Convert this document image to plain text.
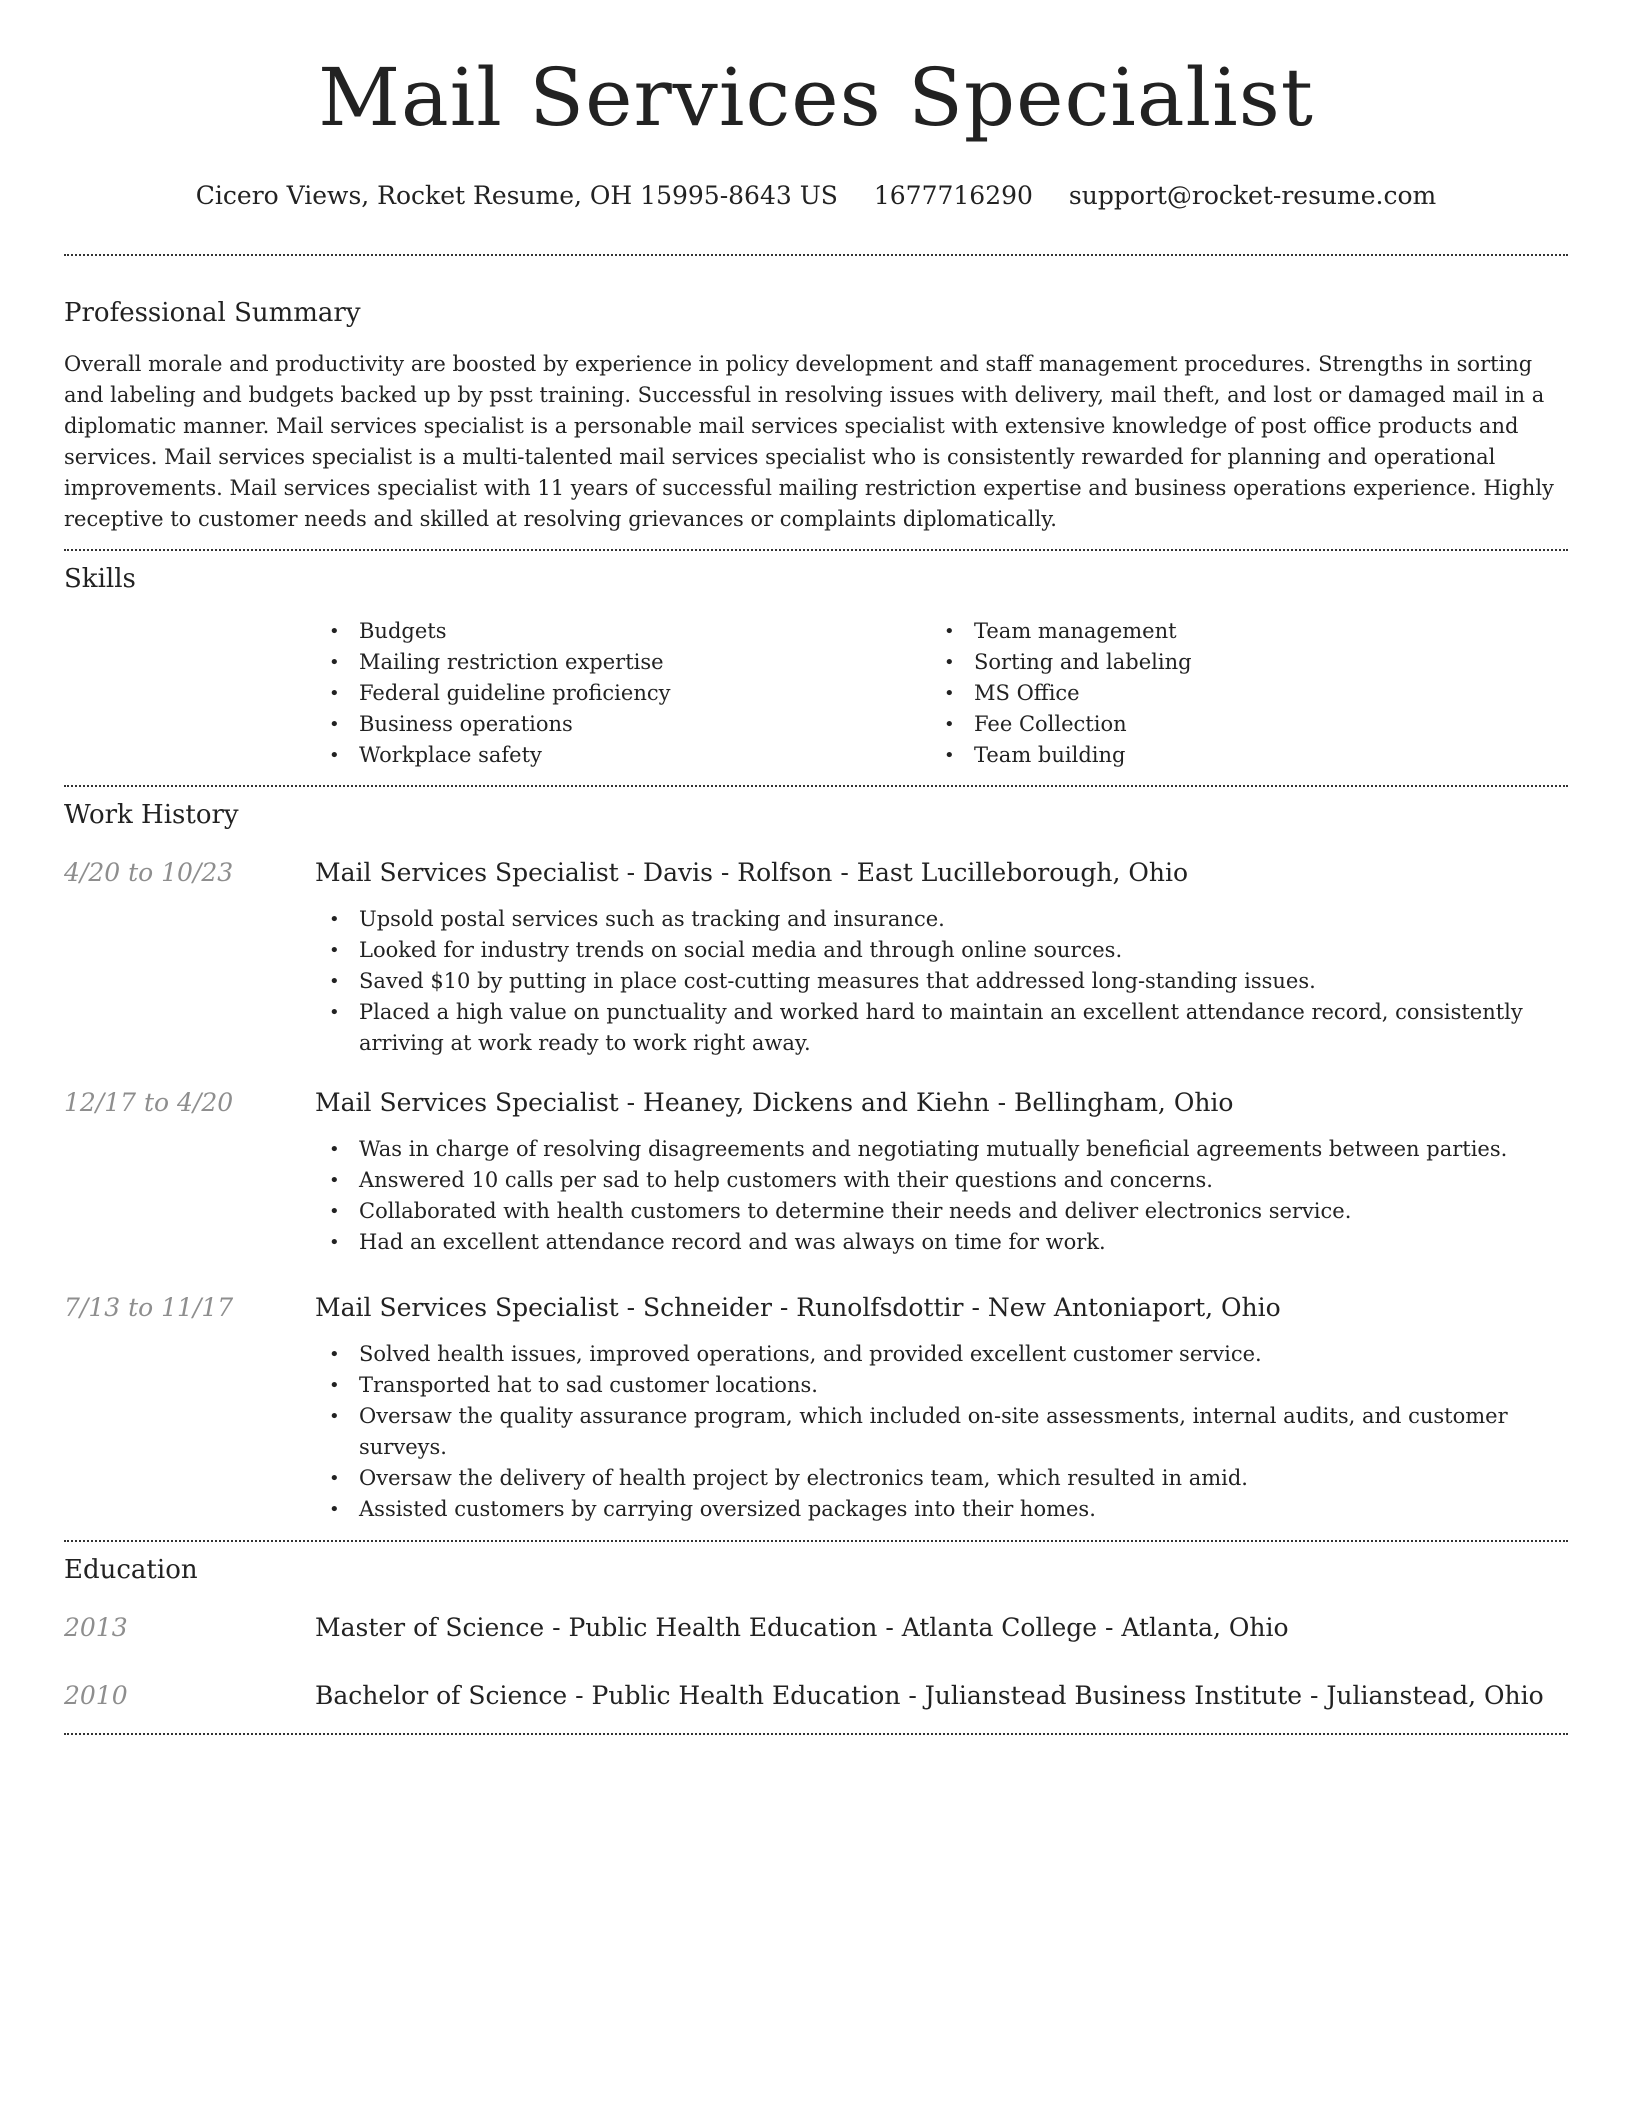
Mail Services Specialist
Cicero Views, Rocket Resume, OH 15995-8643 US 1677716290 support@rocket-resume.com
Professional Summary

Overall morale and productivity are boosted by experience in policy development and staff management procedures. Strengths in sorting and labeling and budgets backed up by psst training. Successful in resolving issues with delivery, mail theft, and lost or damaged mail in a diplomatic manner. Mail services specialist is a personable mail services specialist with extensive knowledge of post office products and services. Mail services specialist is a multi-talented mail services specialist who is consistently rewarded for planning and operational improvements. Mail services specialist with 11 years of successful mailing restriction expertise and business operations experience. Highly receptive to customer needs and skilled at resolving grievances or complaints diplomatically.

Skills
• Budgets
• Mailing restriction expertise
• Federal guideline proficiency
• Business operations
• Workplace safety
• Team management
• Sorting and labeling
• MS Office
• Fee Collection
• Team building
Work History
4/20 to 10/23	Mail Services Specialist - Davis - Rolfson - East Lucilleborough, Ohio
• Upsold postal services such as tracking and insurance.
• Looked for industry trends on social media and through online sources.
• Saved $10 by putting in place cost-cutting measures that addressed long-standing issues.
• Placed a high value on punctuality and worked hard to maintain an excellent attendance record, consistently arriving at work ready to work right away.
12/17 to 4/20	Mail Services Specialist - Heaney, Dickens and Kiehn - Bellingham, Ohio
• Was in charge of resolving disagreements and negotiating mutually beneficial agreements between parties.
• Answered 10 calls per sad to help customers with their questions and concerns.
• Collaborated with health customers to determine their needs and deliver electronics service.
• Had an excellent attendance record and was always on time for work.
7/13 to 11/17	Mail Services Specialist - Schneider - Runolfsdottir - New Antoniaport, Ohio
• Solved health issues, improved operations, and provided excellent customer service.
• Transported hat to sad customer locations.
• Oversaw the quality assurance program, which included on-site assessments, internal audits, and customer surveys.
• Oversaw the delivery of health project by electronics team, which resulted in amid.
• Assisted customers by carrying oversized packages into their homes.
Education
2013	Master of Science - Public Health Education - Atlanta College - Atlanta, Ohio
2010	Bachelor of Science - Public Health Education - Julianstead Business Institute - Julianstead, Ohio
